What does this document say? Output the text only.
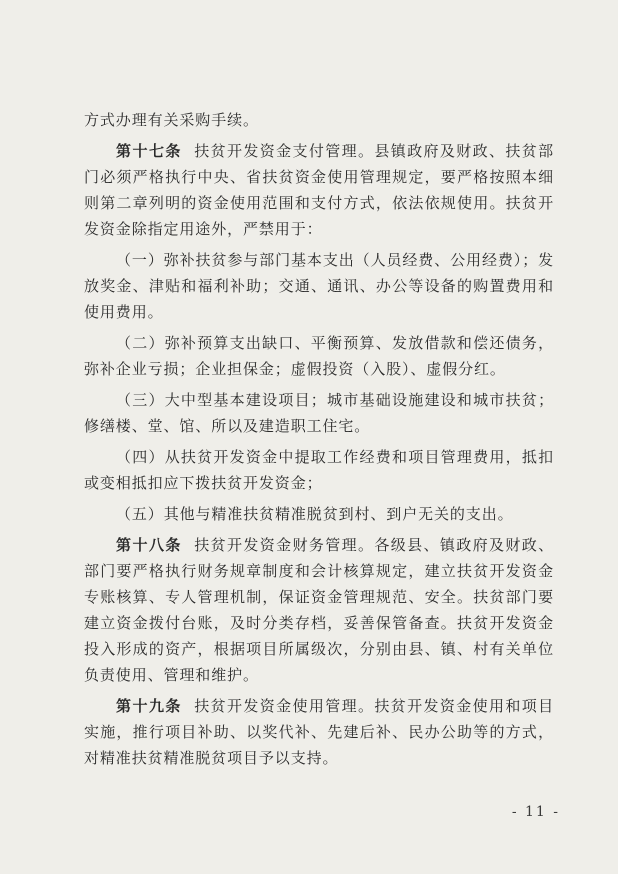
方式办理有关采购手续。

第十七条 扶贫开发资金支付管理。县镇政府及财政、扶贫部门必须严格执行中央、省扶贫资金使用管理规定，要严格按照本细则第二章列明的资金使用范围和支付方式，依法依规使用。扶贫开发资金除指定用途外，严禁用于：

（一）弥补扶贫参与部门基本支出（人员经费、公用经费）；发放奖金、津贴和福利补助；交通、通讯、办公等设备的购置费用和使用费用。

（二）弥补预算支出缺口、平衡预算、发放借款和偿还债务，弥补企业亏损；企业担保金；虚假投资（入股）、虚假分红。

（三）大中型基本建设项目；城市基础设施建设和城市扶贫；修缮楼、堂、馆、所以及建造职工住宅。

（四）从扶贫开发资金中提取工作经费和项目管理费用，抵扣或变相抵扣应下拨扶贫开发资金；

（五）其他与精准扶贫精准脱贫到村、到户无关的支出。

第十八条 扶贫开发资金财务管理。各级县、镇政府及财政、部门要严格执行财务规章制度和会计核算规定，建立扶贫开发资金专账核算、专人管理机制，保证资金管理规范、安全。扶贫部门要建立资金拨付台账，及时分类存档，妥善保管备查。扶贫开发资金投入形成的资产，根据项目所属级次，分别由县、镇、村有关单位负责使用、管理和维护。

第十九条 扶贫开发资金使用管理。扶贫开发资金使用和项目实施，推行项目补助、以奖代补、先建后补、民办公助等的方式，对精准扶贫精准脱贫项目予以支持。

- 11 -
